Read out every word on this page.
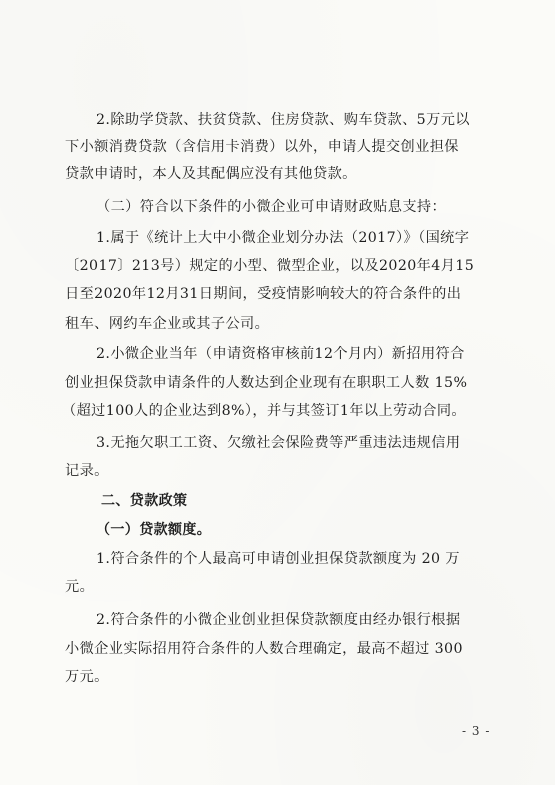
2.除助学贷款、扶贫贷款、住房贷款、购车贷款、5万元以
下小额消费贷款（含信用卡消费）以外，申请人提交创业担保
贷款申请时，本人及其配偶应没有其他贷款。
（二）符合以下条件的小微企业可申请财政贴息支持：
1.属于《统计上大中小微企业划分办法（2017）》（国统字
〔2017〕213号）规定的小型、微型企业，以及2020年4月15
日至2020年12月31日期间，受疫情影响较大的符合条件的出
租车、网约车企业或其子公司。
2.小微企业当年（申请资格审核前12个月内）新招用符合
创业担保贷款申请条件的人数达到企业现有在职职工人数 15%
（超过100人的企业达到8%），并与其签订1年以上劳动合同。
3.无拖欠职工工资、欠缴社会保险费等严重违法违规信用
记录。
二、贷款政策
（一）贷款额度。
1.符合条件的个人最高可申请创业担保贷款额度为 20 万
元。
2.符合条件的小微企业创业担保贷款额度由经办银行根据
小微企业实际招用符合条件的人数合理确定，最高不超过 300
万元。
- 3 -
